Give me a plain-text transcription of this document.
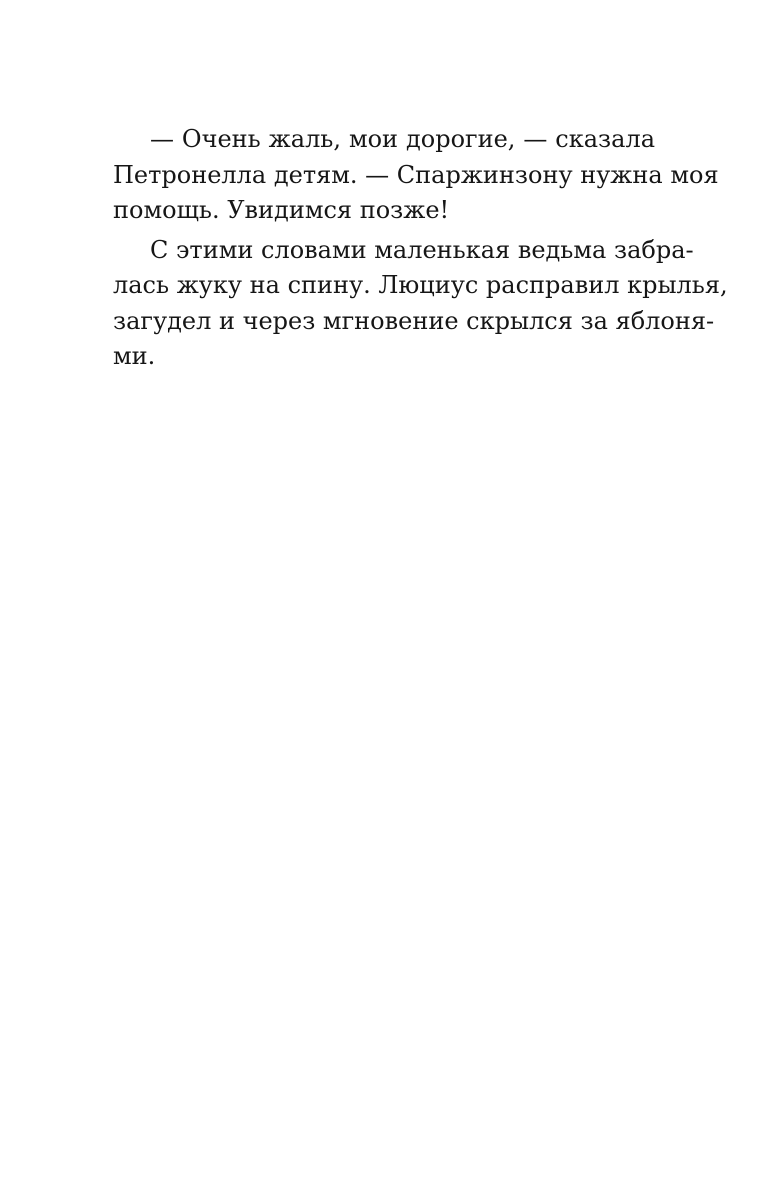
— Очень жаль, мои дорогие, — сказала
Петронелла детям. — Спаржинзону нужна моя
помощь. Увидимся позже!

С этими словами маленькая ведьма забра-
лась жуку на спину. Люциус расправил крылья,
загудел и через мгновение скрылся за яблоня-
ми.
